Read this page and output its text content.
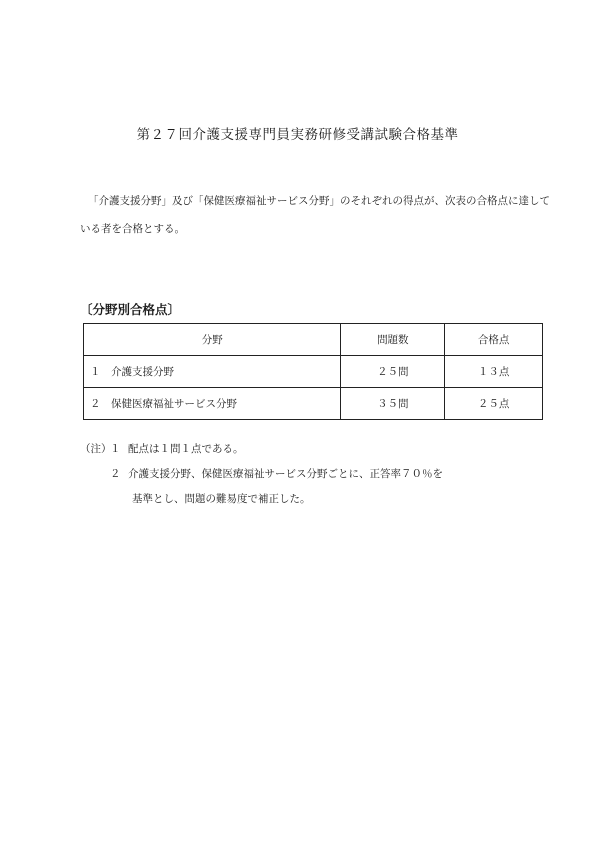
第２７回介護支援専門員実務研修受講試験合格基準

「介護支援分野」及び「保健医療福祉サービス分野」のそれぞれの得点が、次表の合格点に達している者を合格とする。

〔分野別合格点〕
分野	問題数	合格点
１　介護支援分野	２５問	１３点
２　保健医療福祉サービス分野	３５問	２５点
（注）
１ 配点は１問１点である。
２ 介護支援分野、保健医療福祉サービス分野ごとに、正答率７０％を
基準とし、問題の難易度で補正した。
